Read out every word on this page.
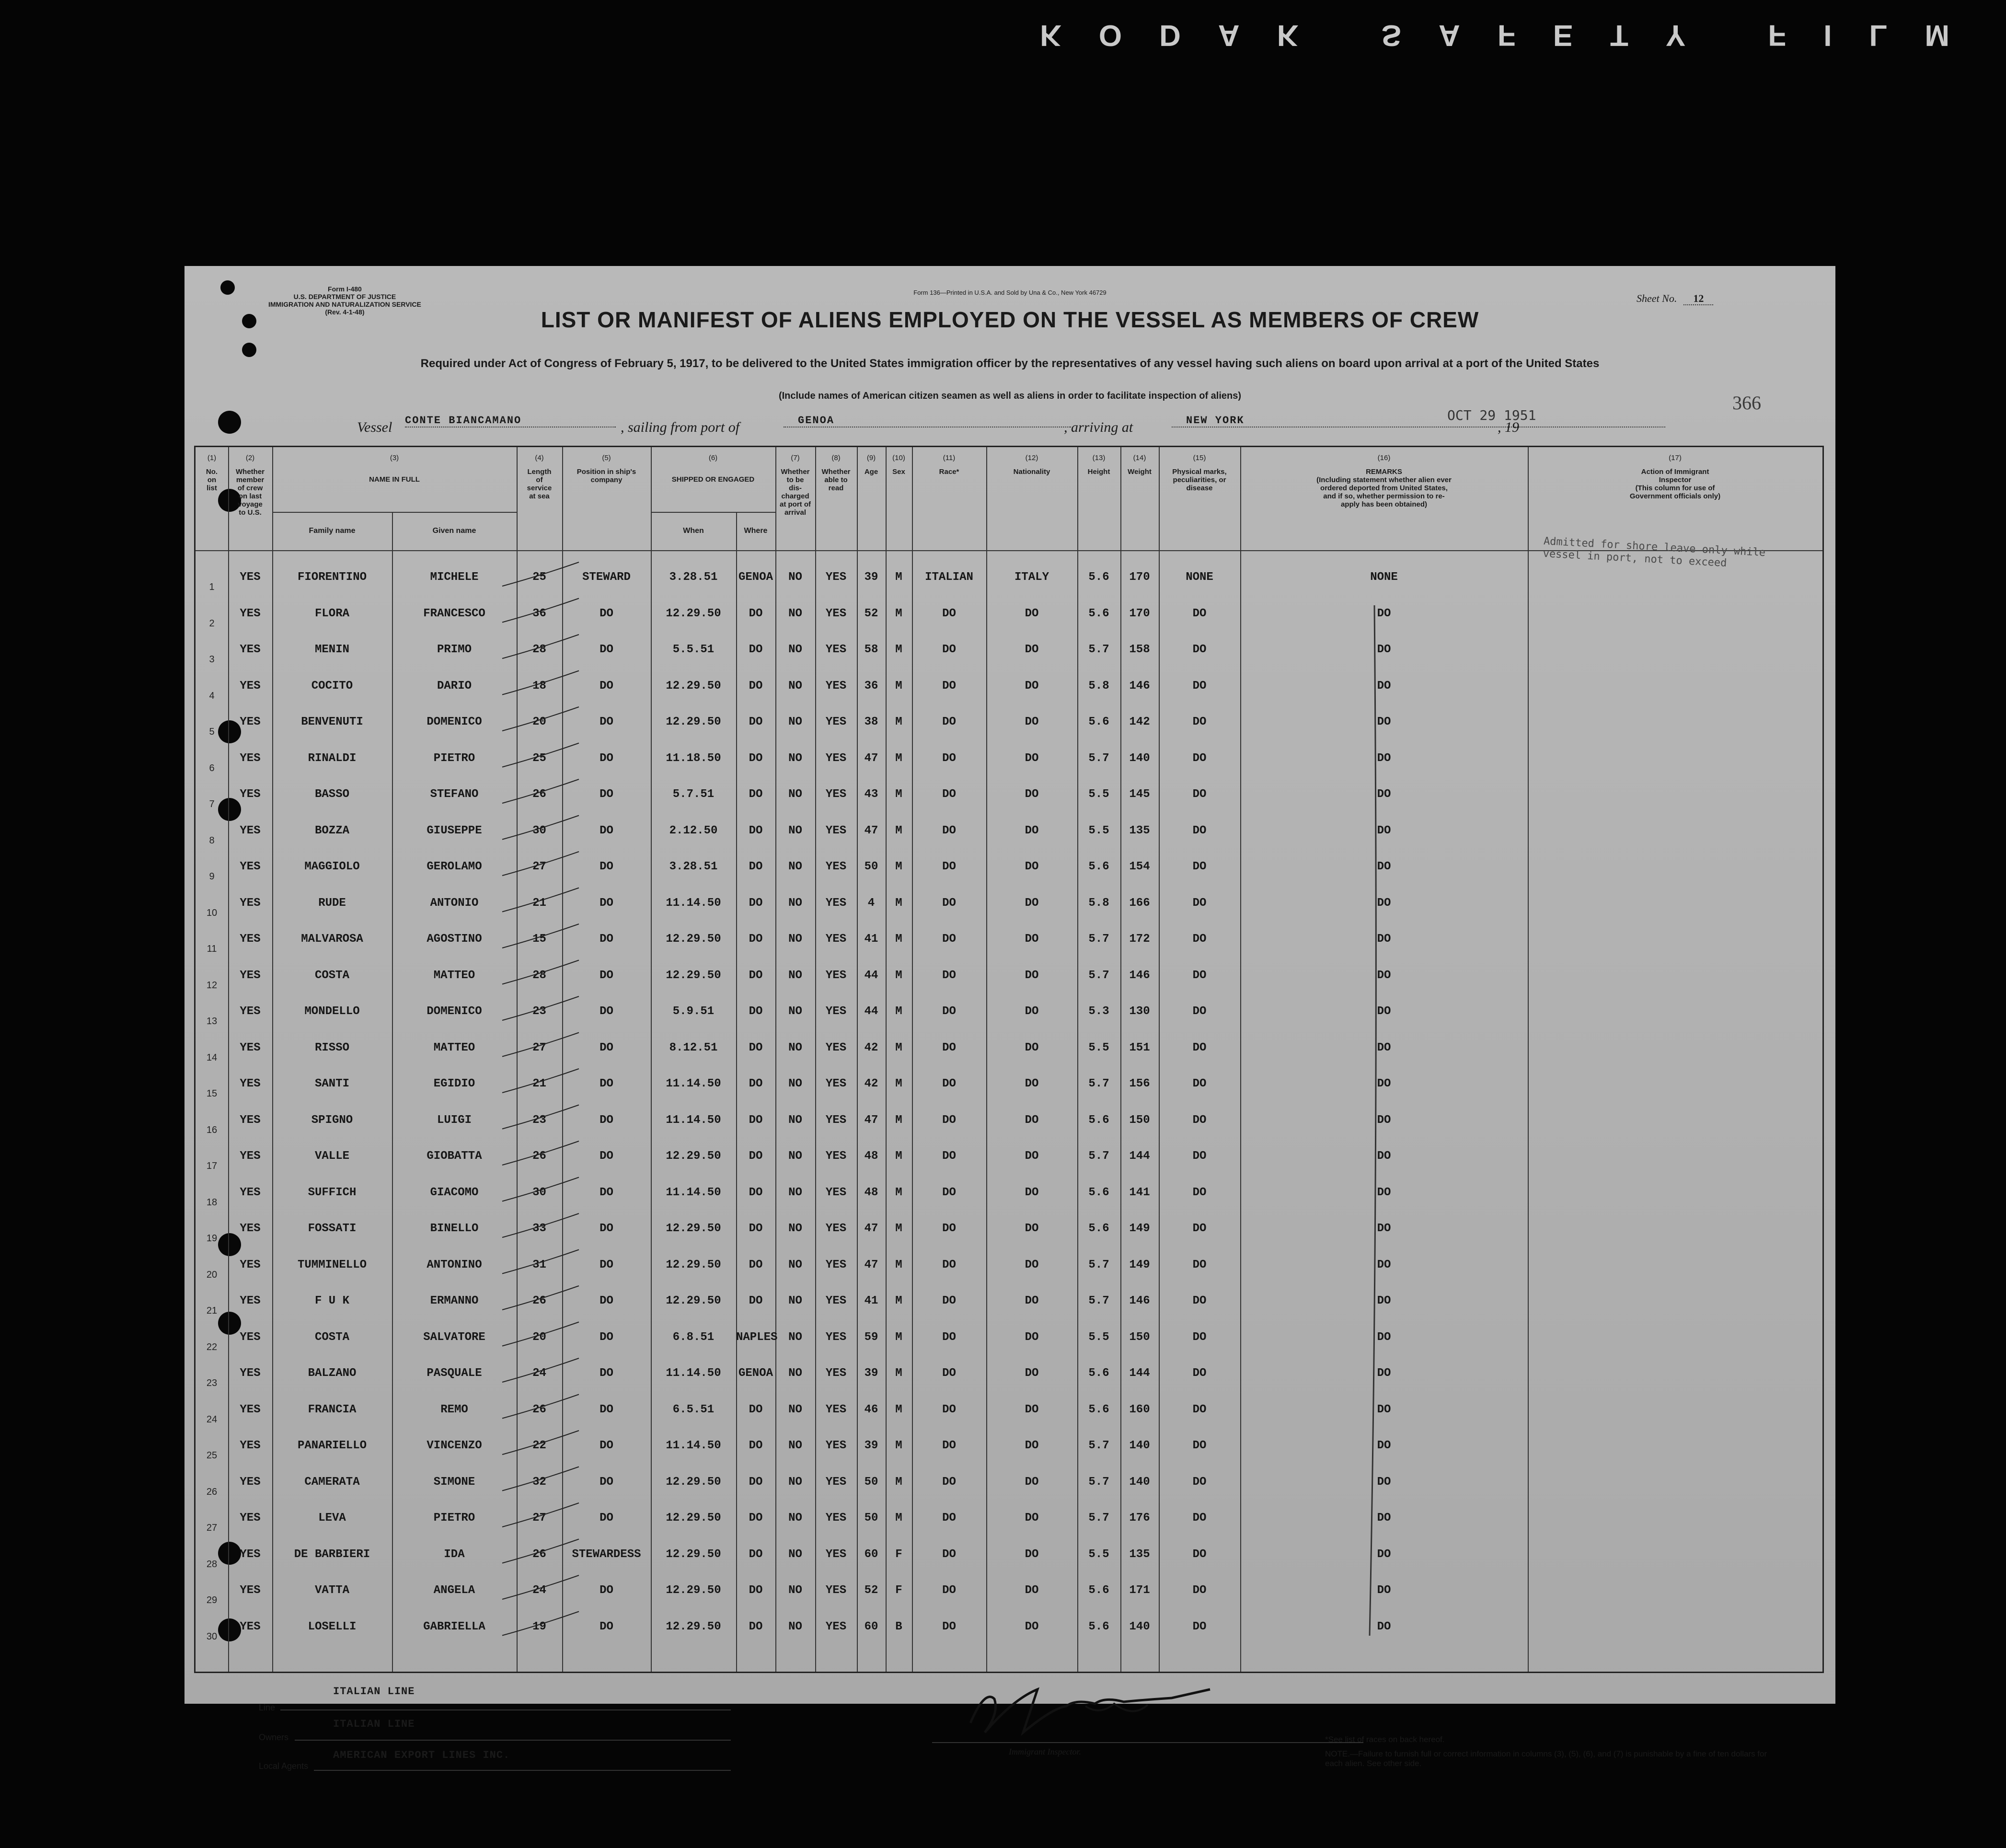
KODAK SAFETY FILM
Form I-480
U.S. DEPARTMENT OF JUSTICE
IMMIGRATION AND NATURALIZATION SERVICE
(Rev. 4-1-48)
Form 136—Printed in U.S.A. and Sold by Una & Co., New York 46729	Sheet No. 12
LIST OR MANIFEST OF ALIENS EMPLOYED ON THE VESSEL AS MEMBERS OF CREW
Required under Act of Congress of February 5, 1917, to be delivered to the United States immigration officer by the representatives of any vessel having such aliens on board upon arrival at a port of the United States
(Include names of American citizen seamen as well as aliens in order to facilitate inspection of aliens)	366
OCT 29 1951
Vessel CONTE BIANCAMANO	, sailing from port of	GENOA	, arriving at	NEW YORK	, 19
(1)
No.
on
list
(2)
Whether
member
of crew
on last
voyage
to U.S.
(3)
NAME IN FULL
(4)
Length
of
service
at sea
(5)
Position in ship's
company
(6)
SHIPPED OR ENGAGED
(7)
Whether
to be
dis-
charged
at port of
arrival
(8)
Whether
able to
read
(9)
Age
(10)
Sex
(11)
Race*
(12)
Nationality
(13)
Height
(14)
Weight
(15)
Physical marks,
peculiarities, or
disease
(16)
REMARKS
(Including statement whether alien ever
ordered deported from United States,
and if so, whether permission to re-
apply has been obtained)
(17)
Action of Immigrant
Inspector
(This column for use of
Government officials only)
Family name	Given name	When	Where
1
YES	FIORENTINO	MICHELE	25	STEWARD	3.28.51	GENOA	NO	YES	39	M	ITALIAN	ITALY	5.6	170	NONE	NONE
2
YES	FLORA	FRANCESCO	36	DO	12.29.50	DO	NO	YES	52	M	DO	DO	5.6	170	DO	DO
3
YES	MENIN	PRIMO	28	DO	5.5.51	DO	NO	YES	58	M	DO	DO	5.7	158	DO	DO
4
YES	COCITO	DARIO	18	DO	12.29.50	DO	NO	YES	36	M	DO	DO	5.8	146	DO	DO
5
YES	BENVENUTI	DOMENICO	20	DO	12.29.50	DO	NO	YES	38	M	DO	DO	5.6	142	DO	DO
6
YES	RINALDI	PIETRO	25	DO	11.18.50	DO	NO	YES	47	M	DO	DO	5.7	140	DO	DO
7
YES	BASSO	STEFANO	26	DO	5.7.51	DO	NO	YES	43	M	DO	DO	5.5	145	DO	DO
8
YES	BOZZA	GIUSEPPE	30	DO	2.12.50	DO	NO	YES	47	M	DO	DO	5.5	135	DO	DO
9
YES	MAGGIOLO	GEROLAMO	27	DO	3.28.51	DO	NO	YES	50	M	DO	DO	5.6	154	DO	DO
10
YES	RUDE	ANTONIO	21	DO	11.14.50	DO	NO	YES	4	M	DO	DO	5.8	166	DO	DO
11
YES	MALVAROSA	AGOSTINO	15	DO	12.29.50	DO	NO	YES	41	M	DO	DO	5.7	172	DO	DO
12
YES	COSTA	MATTEO	28	DO	12.29.50	DO	NO	YES	44	M	DO	DO	5.7	146	DO	DO
13
YES	MONDELLO	DOMENICO	23	DO	5.9.51	DO	NO	YES	44	M	DO	DO	5.3	130	DO	DO
14
YES	RISSO	MATTEO	27	DO	8.12.51	DO	NO	YES	42	M	DO	DO	5.5	151	DO	DO
15
YES	SANTI	EGIDIO	21	DO	11.14.50	DO	NO	YES	42	M	DO	DO	5.7	156	DO	DO
16
YES	SPIGNO	LUIGI	23	DO	11.14.50	DO	NO	YES	47	M	DO	DO	5.6	150	DO	DO
17
YES	VALLE	GIOBATTA	26	DO	12.29.50	DO	NO	YES	48	M	DO	DO	5.7	144	DO	DO
18
YES	SUFFICH	GIACOMO	30	DO	11.14.50	DO	NO	YES	48	M	DO	DO	5.6	141	DO	DO
19
YES	FOSSATI	BINELLO	33	DO	12.29.50	DO	NO	YES	47	M	DO	DO	5.6	149	DO	DO
20
YES	TUMMINELLO	ANTONINO	31	DO	12.29.50	DO	NO	YES	47	M	DO	DO	5.7	149	DO	DO
21
YES	F U K	ERMANNO	26	DO	12.29.50	DO	NO	YES	41	M	DO	DO	5.7	146	DO	DO
22
YES	COSTA	SALVATORE	20	DO	6.8.51	NAPLES NO	YES	59	M	DO	DO	5.5	150	DO	DO
23
YES	BALZANO	PASQUALE	24	DO	11.14.50	GENOA	NO	YES	39	M	DO	DO	5.6	144	DO	DO
24
YES	FRANCIA	REMO	26	DO	6.5.51	DO	NO	YES	46	M	DO	DO	5.6	160	DO	DO
25
YES	PANARIELLO	VINCENZO	22	DO	11.14.50	DO	NO	YES	39	M	DO	DO	5.7	140	DO	DO
26
YES	CAMERATA	SIMONE	32	DO	12.29.50	DO	NO	YES	50	M	DO	DO	5.7	140	DO	DO
27
YES	LEVA	PIETRO	27	DO	12.29.50	DO	NO	YES	50	M	DO	DO	5.7	176	DO	DO
28
YES	DE BARBIERI	IDA	26	STEWARDESS	12.29.50	DO	NO	YES	60	F	DO	DO	5.5	135	DO	DO
29
YES	VATTA	ANGELA	24	DO	12.29.50	DO	NO	YES	52	F	DO	DO	5.6	171	DO	DO
30
YES	LOSELLI	GABRIELLA	19	DO	12.29.50	DO	NO	YES	60	B	DO	DO	5.6	140	DO	DO
Admitted for shore leave only while vessel in port, not to exceed
Line
ITALIAN LINE
Owners
ITALIAN LINE
Local Agents
AMERICAN EXPORT LINES INC.	Immigrant Inspector.
*See list of races on back hereof.
NOTE.—Failure to furnish full or correct information in columns (3), (5), (6), and (7) is punishable by a fine of ten dollars for each alien. See other side.
